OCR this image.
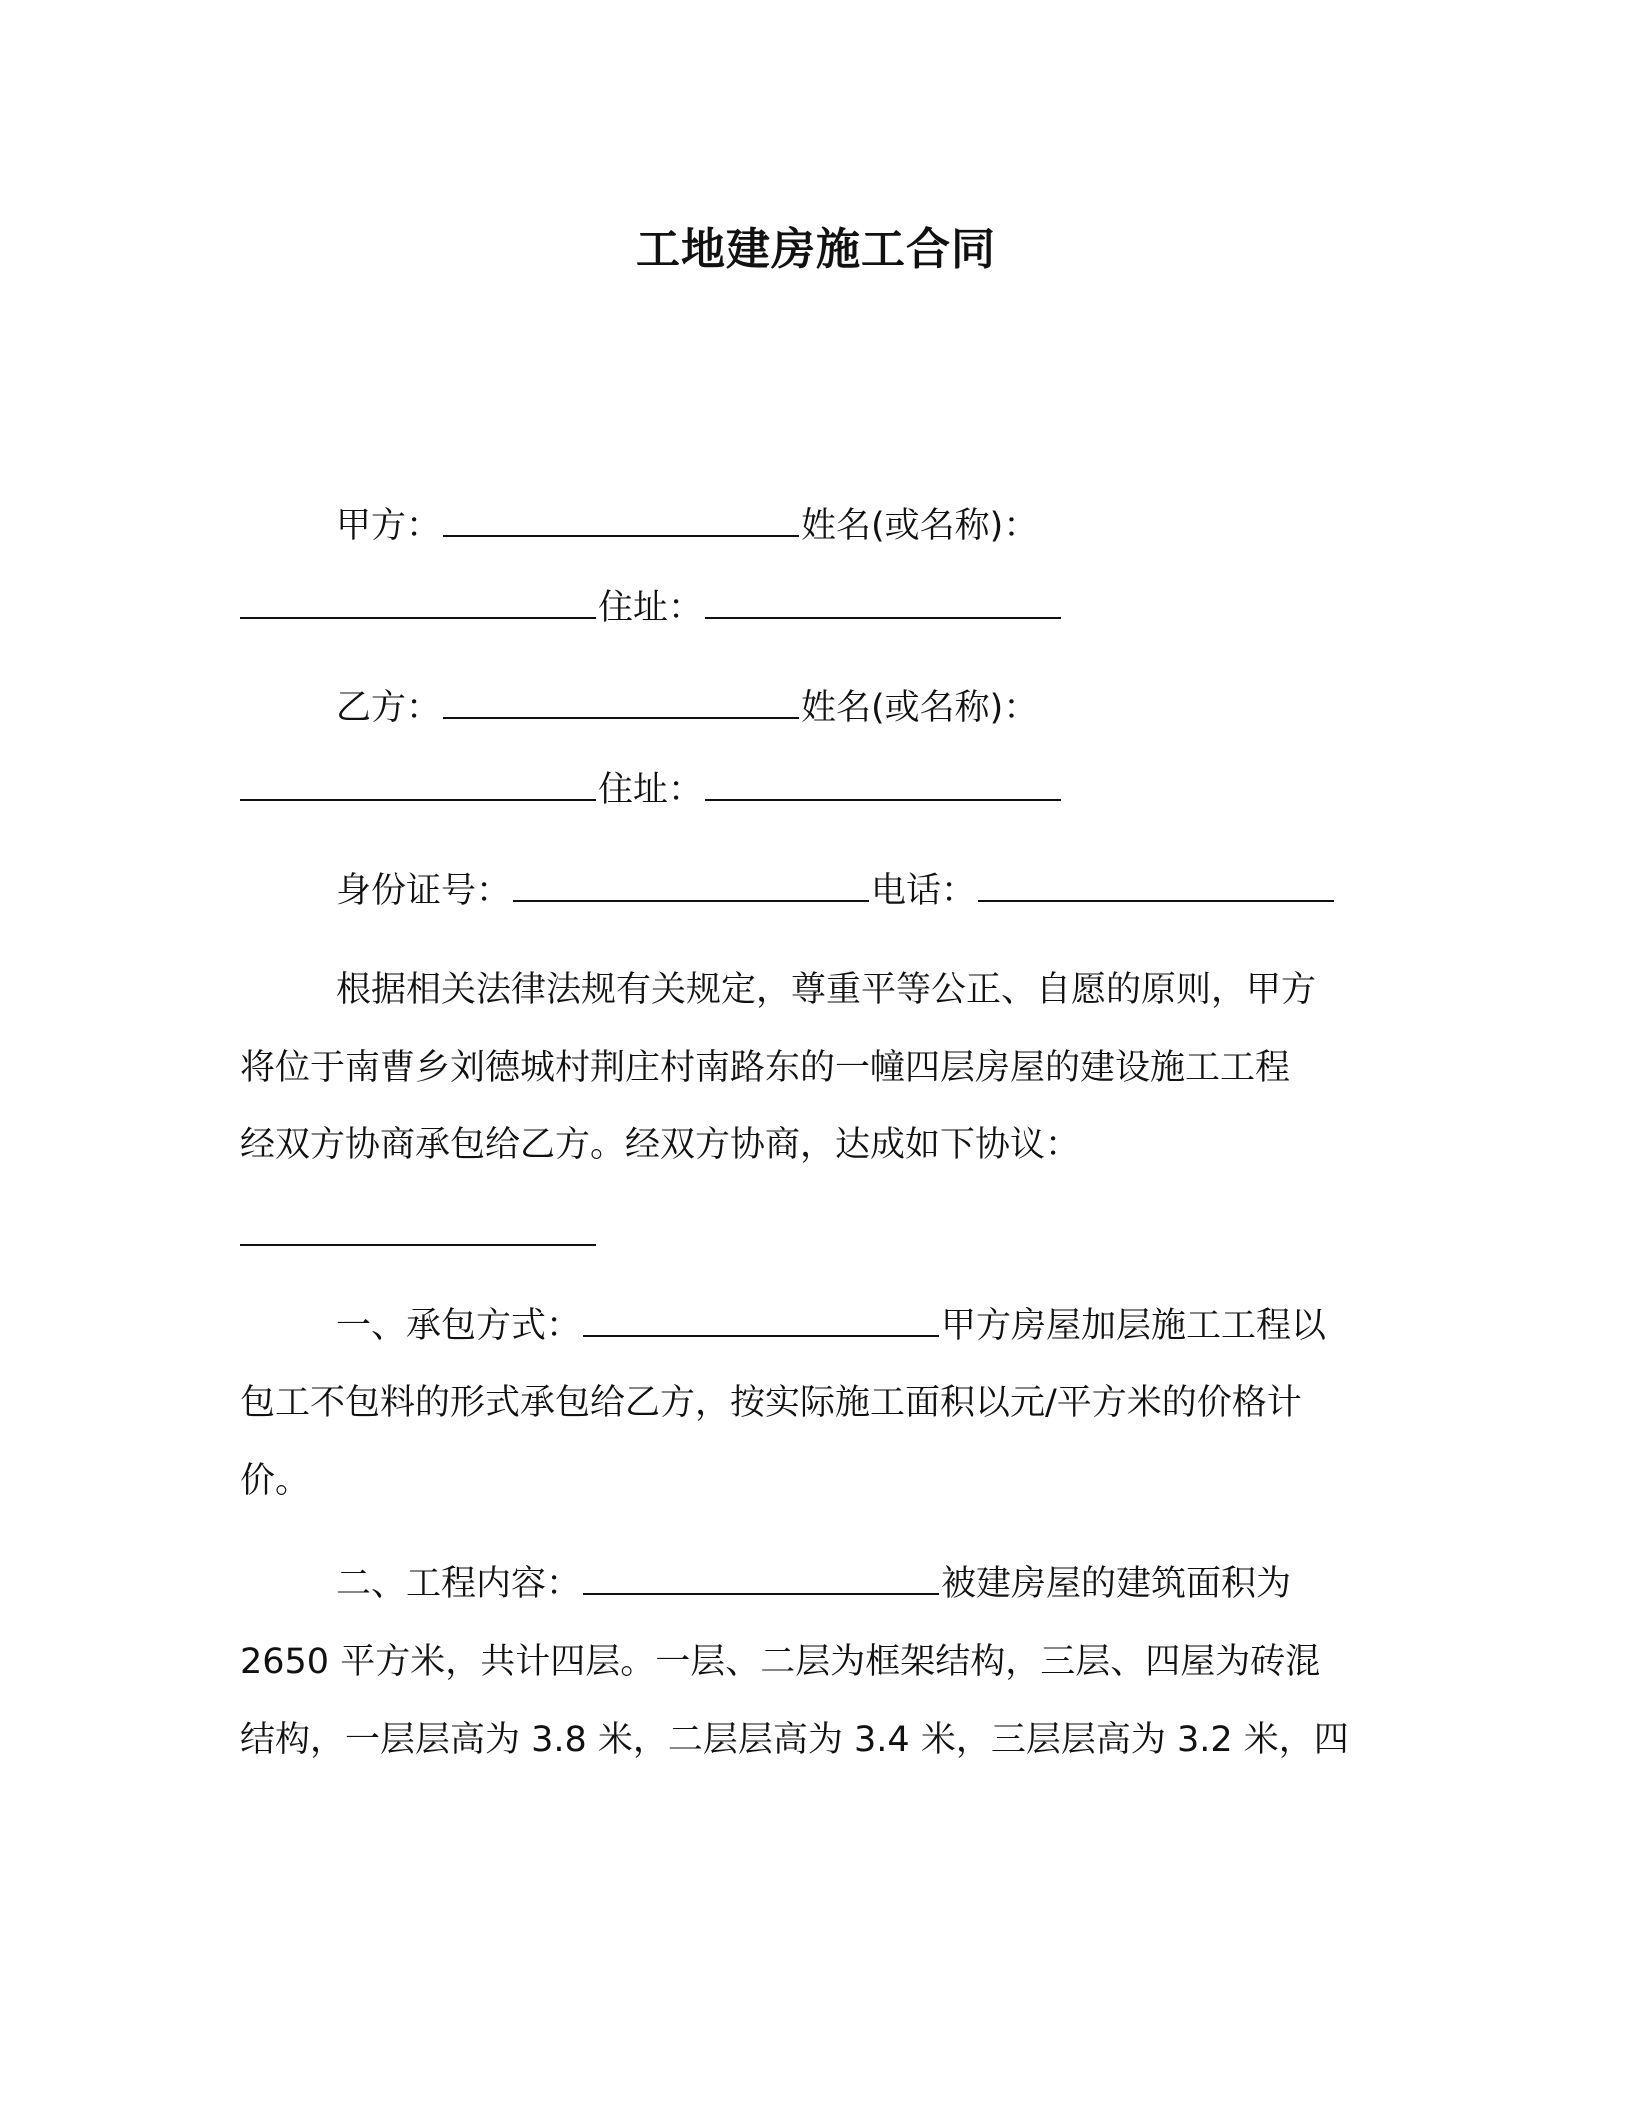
工地建房施工合同
甲方：	姓名(或名称)：
住址：
乙方：	姓名(或名称)：
住址：
身份证号：	电话：
根据相关法律法规有关规定，尊重平等公正、自愿的原则，甲方
将位于南曹乡刘德城村荆庄村南路东的一幢四层房屋的建设施工工程
经双方协商承包给乙方。经双方协商，达成如下协议：
一、承包方式：	甲方房屋加层施工工程以
包工不包料的形式承包给乙方，按实际施工面积以元/平方米的价格计
价。
二、工程内容：	被建房屋的建筑面积为
2650 平方米，共计四层。一层、二层为框架结构，三层、四屋为砖混
结构，一层层高为 3.8 米，二层层高为 3.4 米，三层层高为 3.2 米，四
